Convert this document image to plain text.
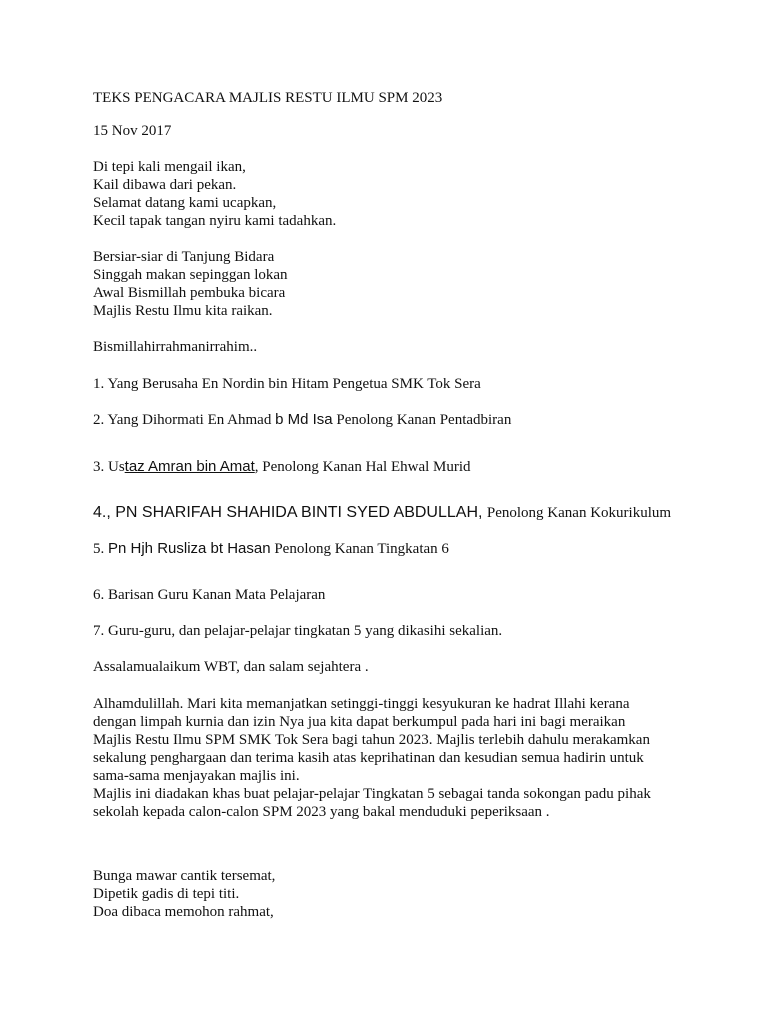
TEKS PENGACARA MAJLIS RESTU ILMU SPM 2023
15 Nov 2017
Di tepi kali mengail ikan,
Kail dibawa dari pekan.
Selamat datang kami ucapkan,
Kecil tapak tangan nyiru kami tadahkan.
Bersiar-siar di Tanjung Bidara
Singgah makan sepinggan lokan
Awal Bismillah pembuka bicara
Majlis Restu Ilmu kita raikan.
Bismillahirrahmanirrahim..
1. Yang Berusaha En Nordin bin Hitam Pengetua SMK Tok Sera
2. Yang Dihormati En Ahmad b Md Isa Penolong Kanan Pentadbiran
3. Ustaz Amran bin Amat, Penolong Kanan Hal Ehwal Murid
4., PN SHARIFAH SHAHIDA BINTI SYED ABDULLAH, Penolong Kanan Kokurikulum
5. Pn Hjh Rusliza bt Hasan Penolong Kanan Tingkatan 6
6. Barisan Guru Kanan Mata Pelajaran
7. Guru-guru, dan pelajar-pelajar tingkatan 5 yang dikasihi sekalian.
Assalamualaikum WBT, dan salam sejahtera .
Alhamdulillah. Mari kita memanjatkan setinggi-tinggi kesyukuran ke hadrat Illahi kerana
dengan limpah kurnia dan izin Nya jua kita dapat berkumpul pada hari ini bagi meraikan
Majlis Restu Ilmu SPM SMK Tok Sera bagi tahun 2023. Majlis terlebih dahulu merakamkan
sekalung penghargaan dan terima kasih atas keprihatinan dan kesudian semua hadirin untuk
sama-sama menjayakan majlis ini.
Majlis ini diadakan khas buat pelajar-pelajar Tingkatan 5 sebagai tanda sokongan padu pihak
sekolah kepada calon-calon SPM 2023 yang bakal menduduki peperiksaan .
Bunga mawar cantik tersemat,
Dipetik gadis di tepi titi.
Doa dibaca memohon rahmat,
